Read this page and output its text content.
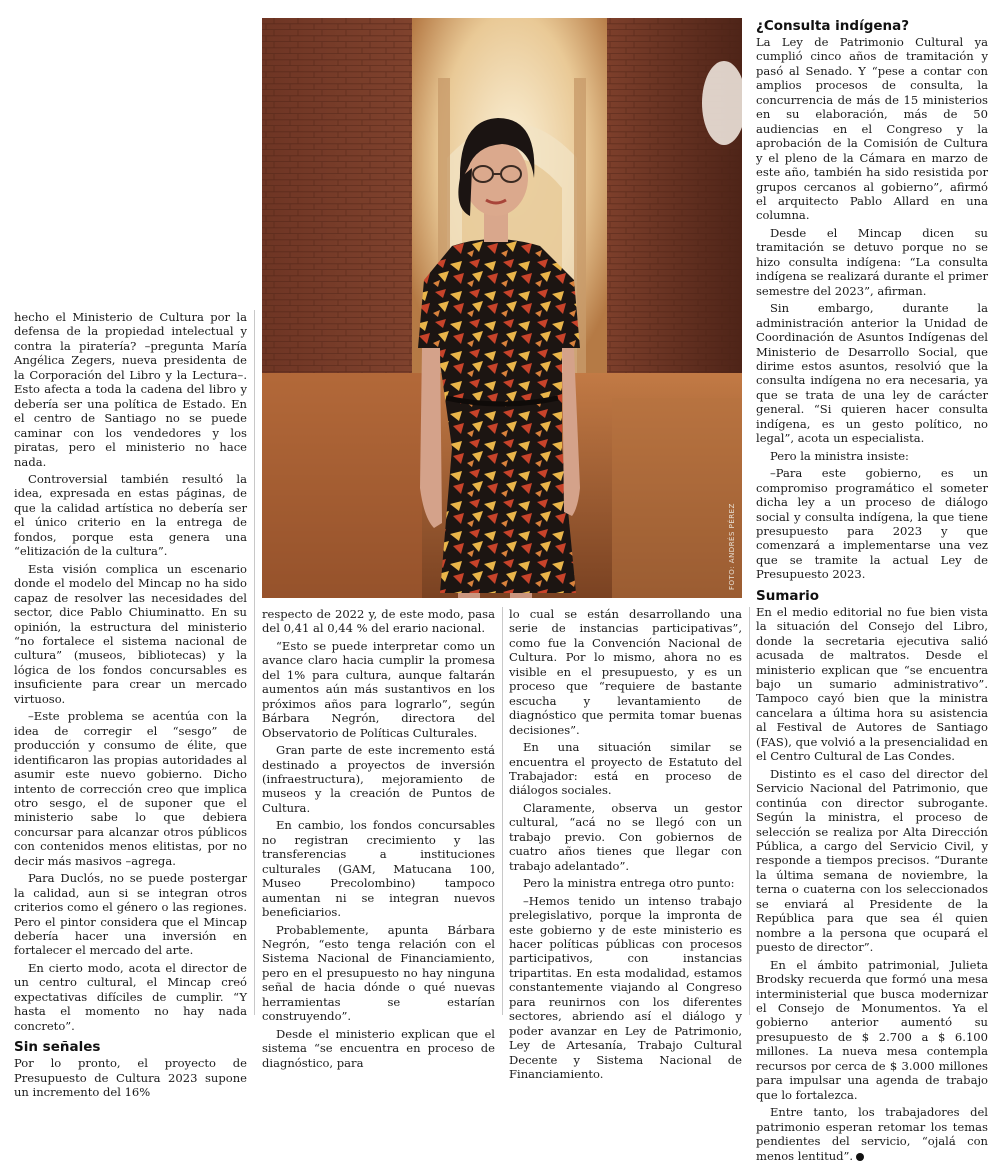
FOTO: ANDRÉS PÉREZ

hecho el Ministerio de Cultura por la defensa de la propiedad intelectual y contra la piratería? –pregunta María Angélica Zegers, nueva presidenta de la Corporación del Libro y la Lectura–. Esto afecta a toda la cadena del libro y debería ser una política de Estado. En el centro de Santiago no se puede caminar con los vendedores y los piratas, pero el ministerio no hace nada.

Controversial también resultó la idea, expresada en estas páginas, de que la calidad artística no debería ser el único criterio en la entrega de fondos, porque esta genera una “elitización de la cultura”.

Esta visión complica un escenario donde el modelo del Mincap no ha sido capaz de resolver las necesidades del sector, dice Pablo Chiuminatto. En su opinión, la estructura del ministerio “no fortalece el sistema nacional de cultura” (museos, bibliotecas) y la lógica de los fondos concursables es insuficiente para crear un mercado virtuoso.

–Este problema se acentúa con la idea de corregir el “sesgo” de producción y consumo de élite, que identificaron las propias autoridades al asumir este nuevo gobierno. Dicho intento de corrección creo que implica otro sesgo, el de suponer que el ministerio sabe lo que debiera concursar para alcanzar otros públicos con contenidos menos elitistas, por no decir más masivos –agrega.

Para Duclós, no se puede postergar la calidad, aun si se integran otros criterios como el género o las regiones. Pero el pintor considera que el Mincap debería hacer una inversión en fortalecer el mercado del arte.

En cierto modo, acota el director de un centro cultural, el Mincap creó expectativas difíciles de cumplir. “Y hasta el momento no hay nada concreto”.

Sin señales

Por lo pronto, el proyecto de Presupuesto de Cultura 2023 supone un incremento del 16%

respecto de 2022 y, de este modo, pasa del 0,41 al 0,44 % del erario nacional.

“Esto se puede interpretar como un avance claro hacia cumplir la promesa del 1% para cultura, aunque faltarán aumentos aún más sustantivos en los próximos años para lograrlo”, según Bárbara Negrón, directora del Observatorio de Políticas Culturales.

Gran parte de este incremento está destinado a proyectos de inversión (infraestructura), mejoramiento de museos y la creación de Puntos de Cultura.

En cambio, los fondos concursables no registran crecimiento y las transferencias a instituciones culturales (GAM, Matucana 100, Museo Precolombino) tampoco aumentan ni se integran nuevos beneficiarios.

Probablemente, apunta Bárbara Negrón, “esto tenga relación con el Sistema Nacional de Financiamiento, pero en el presupuesto no hay ninguna señal de hacia dónde o qué nuevas herramientas se estarían construyendo”.

Desde el ministerio explican que el sistema “se encuentra en proceso de diagnóstico, para

lo cual se están desarrollando una serie de instancias participativas”, como fue la Convención Nacional de Cultura. Por lo mismo, ahora no es visible en el presupuesto, y es un proceso que “requiere de bastante escucha y levantamiento de diagnóstico que permita tomar buenas decisiones”.

En una situación similar se encuentra el proyecto de Estatuto del Trabajador: está en proceso de diálogos sociales.

Claramente, observa un gestor cultural, “acá no se llegó con un trabajo previo. Con gobiernos de cuatro años tienes que llegar con trabajo adelantado”.

Pero la ministra entrega otro punto:

–Hemos tenido un intenso trabajo prelegislativo, porque la impronta de este gobierno y de este ministerio es hacer políticas públicas con procesos participativos, con instancias tripartitas. En esta modalidad, estamos constantemente viajando al Congreso para reunirnos con los diferentes sectores, abriendo así el diálogo y poder avanzar en Ley de Patrimonio, Ley de Artesanía, Trabajo Cultural Decente y Sistema Nacional de Financiamiento.

¿Consulta indígena?

La Ley de Patrimonio Cultural ya cumplió cinco años de tramitación y pasó al Senado. Y “pese a contar con amplios procesos de consulta, la concurrencia de más de 15 ministerios en su elaboración, más de 50 audiencias en el Congreso y la aprobación de la Comisión de Cultura y el pleno de la Cámara en marzo de este año, también ha sido resistida por grupos cercanos al gobierno”, afirmó el arquitecto Pablo Allard en una columna.

Desde el Mincap dicen su tramitación se detuvo porque no se hizo consulta indígena: “La consulta indígena se realizará durante el primer semestre del 2023”, afirman.

Sin embargo, durante la administración anterior la Unidad de Coordinación de Asuntos Indígenas del Ministerio de Desarrollo Social, que dirime estos asuntos, resolvió que la consulta indígena no era necesaria, ya que se trata de una ley de carácter general. “Si quieren hacer consulta indígena, es un gesto político, no legal”, acota un especialista.

Pero la ministra insiste:

–Para este gobierno, es un compromiso programático el someter dicha ley a un proceso de diálogo social y consulta indígena, la que tiene presupuesto para 2023 y que comenzará a implementarse una vez que se tramite la actual Ley de Presupuesto 2023.

Sumario

En el medio editorial no fue bien vista la situación del Consejo del Libro, donde la secretaria ejecutiva salió acusada de maltratos. Desde el ministerio explican que “se encuentra bajo un sumario administrativo”. Tampoco cayó bien que la ministra cancelara a última hora su asistencia al Festival de Autores de Santiago (FAS), que volvió a la presencialidad en el Centro Cultural de Las Condes.

Distinto es el caso del director del Servicio Nacional del Patrimonio, que continúa con director subrogante. Según la ministra, el proceso de selección se realiza por Alta Dirección Pública, a cargo del Servicio Civil, y responde a tiempos precisos. “Durante la última semana de noviembre, la terna o cuaterna con los seleccionados se enviará al Presidente de la República para que sea él quien nombre a la persona que ocupará el puesto de director”.

En el ámbito patrimonial, Julieta Brodsky recuerda que formó una mesa interministerial que busca modernizar el Consejo de Monumentos. Ya el gobierno anterior aumentó su presupuesto de $ 2.700 a $ 6.100 millones. La nueva mesa contempla recursos por cerca de $ 3.000 millones para impulsar una agenda de trabajo que lo fortalezca.

Entre tanto, los trabajadores del patrimonio esperan retomar los temas pendientes del servicio, “ojalá con menos lentitud”.
